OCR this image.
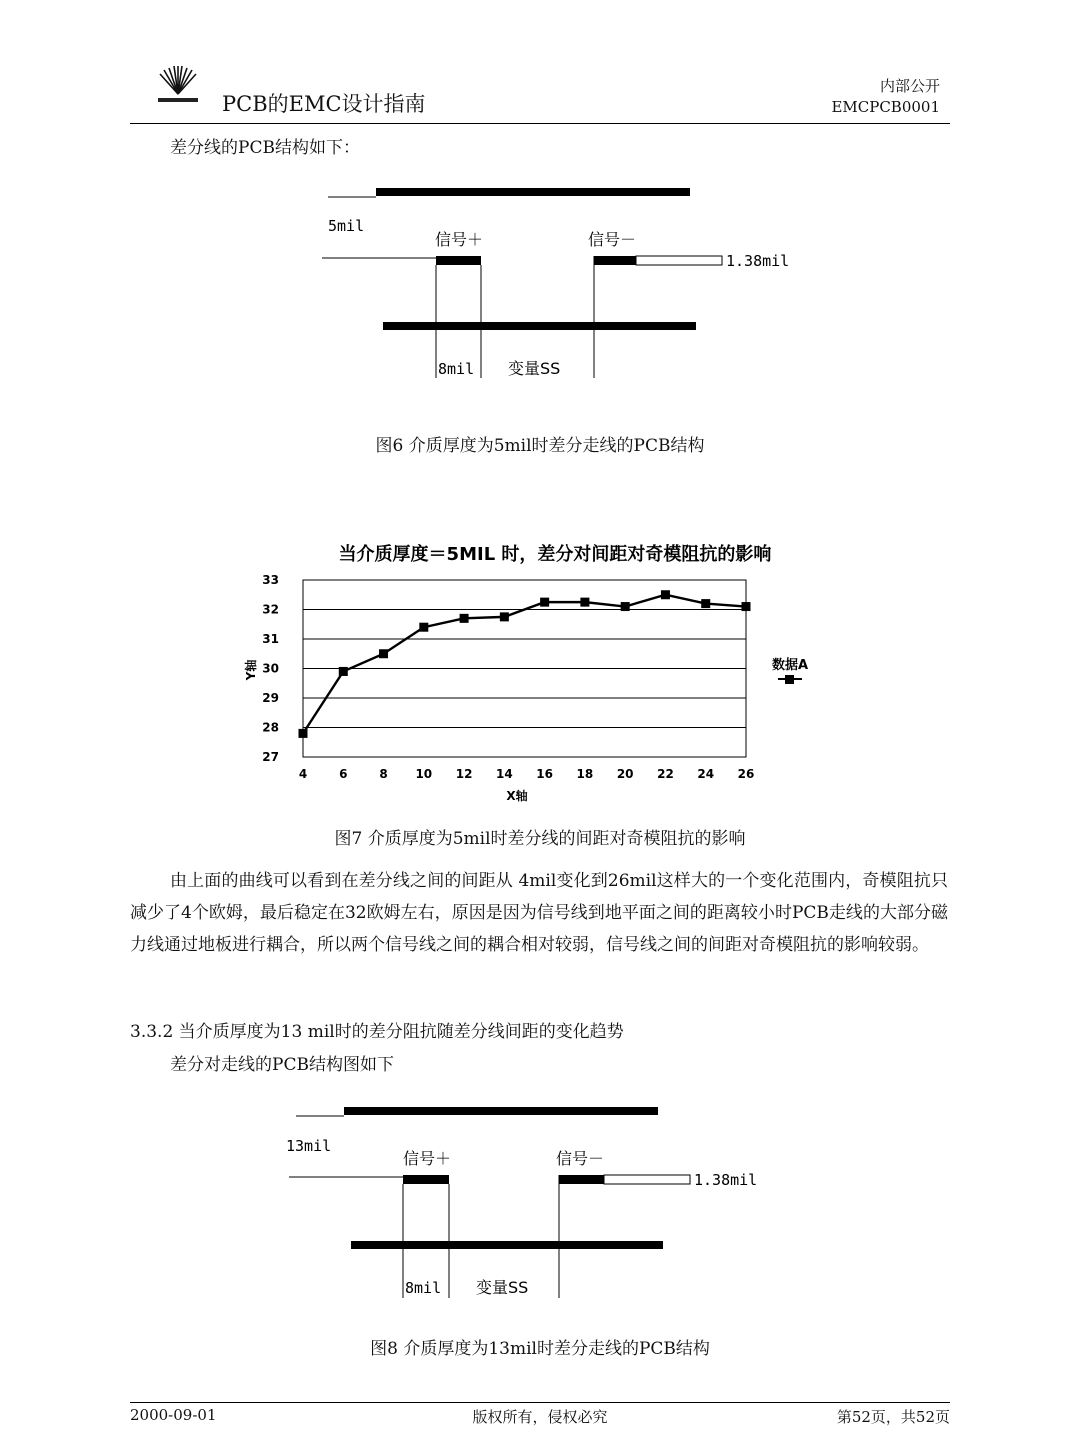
PCB的EMC设计指南
内部公开
EMCPCB0001
差分线的PCB结构如下：
5mil
信号＋	信号－
1.38mil
8mil 变量SS
图6 介质厚度为5mil时差分走线的PCB结构
当介质厚度＝5MIL 时，差分对间距对奇模阻抗的影响
27
28
29
30
31
32
33
4	6	8 10 12 14 16 18 20 22 24 26
Y轴
X轴
数据A
图7 介质厚度为5mil时差分线的间距对奇模阻抗的影响
由上面的曲线可以看到在差分线之间的间距从 4mil变化到26mil这样大的一个变化范围内，奇模阻抗只减少了4个欧姆，最后稳定在32欧姆左右，原因是因为信号线到地平面之间的距离较小时PCB走线的大部分磁力线通过地板进行耦合，所以两个信号线之间的耦合相对较弱，信号线之间的间距对奇模阻抗的影响较弱。
3.3.2 当介质厚度为13 mil时的差分阻抗随差分线间距的变化趋势
差分对走线的PCB结构图如下
13mil
信号＋	信号－
1.38mil
8mil 变量SS
图8 介质厚度为13mil时差分走线的PCB结构
2000-09-01	版权所有，侵权必究	第52页，共52页
